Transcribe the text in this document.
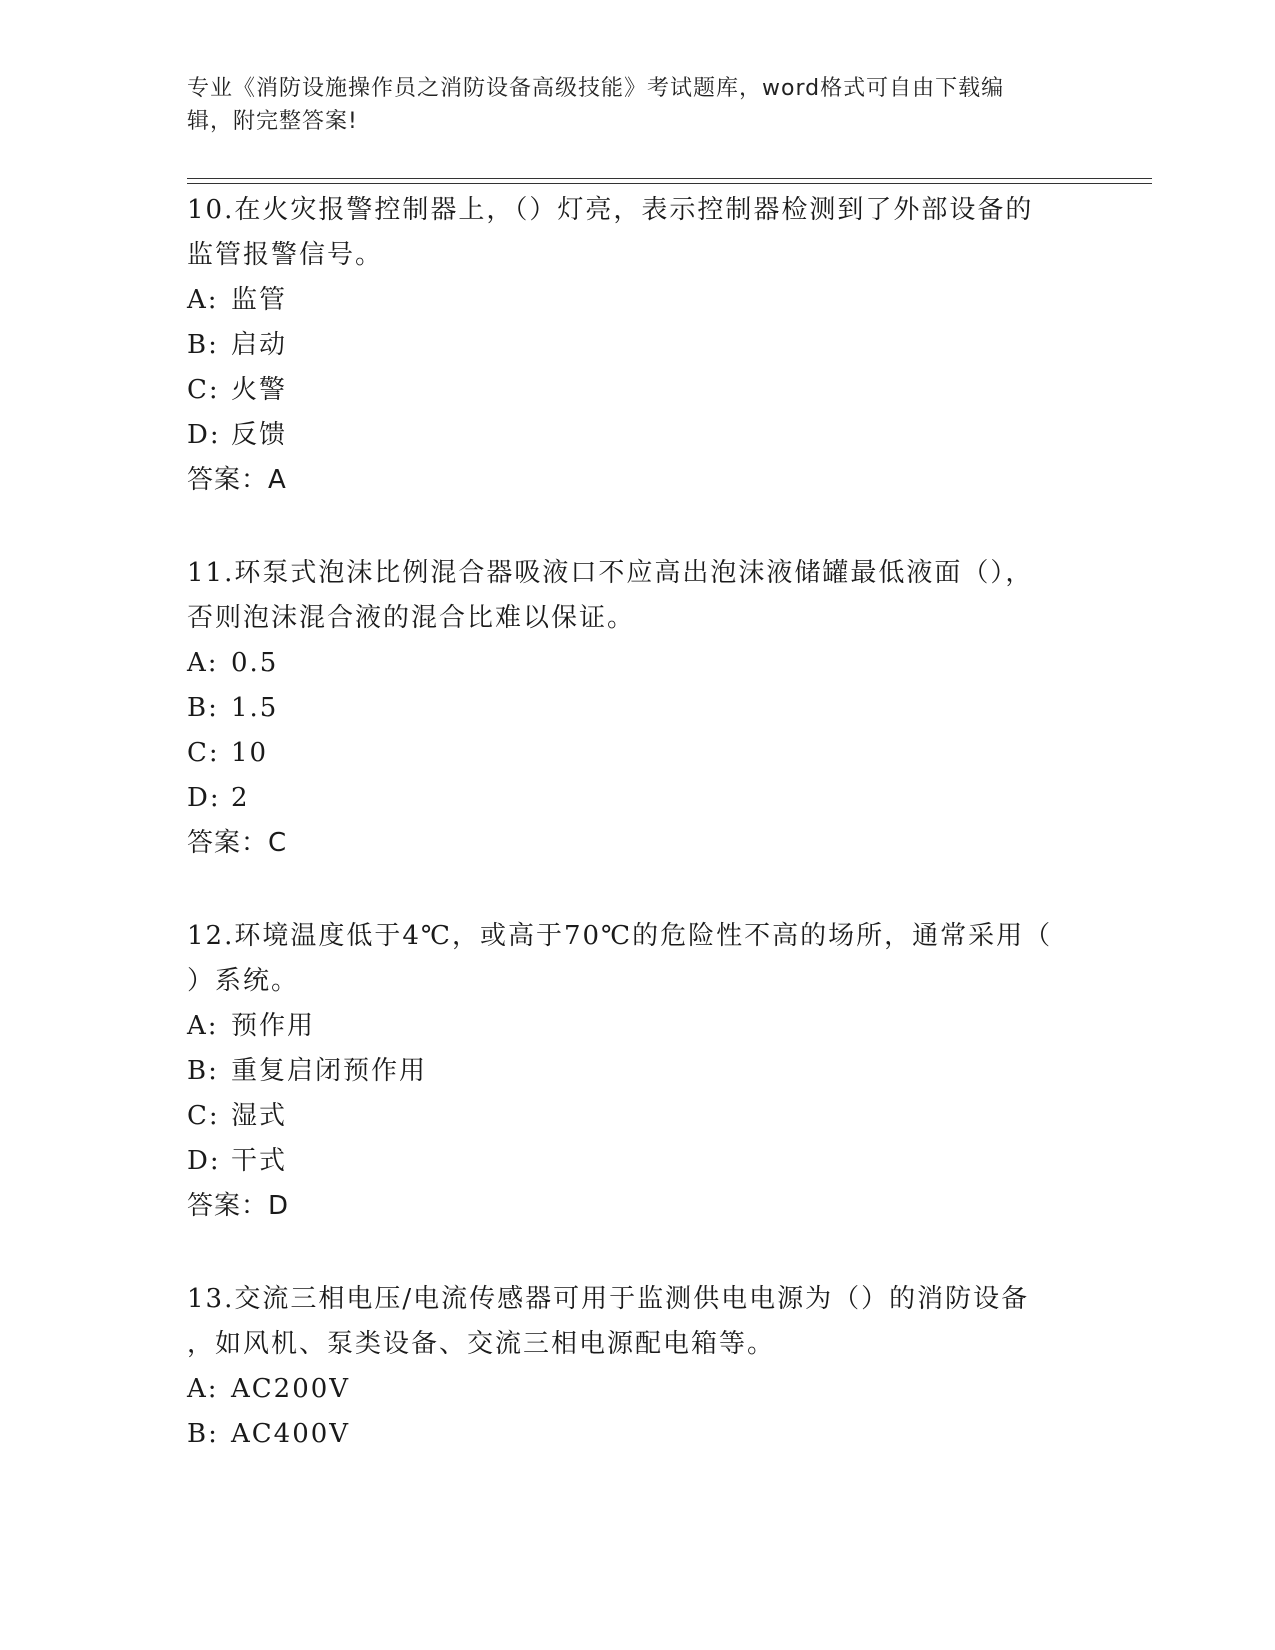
专业《消防设施操作员之消防设备高级技能》考试题库，word格式可自由下载编
辑，附完整答案!
10.在火灾报警控制器上，（）灯亮，表示控制器检测到了外部设备的
监管报警信号。
A: 监管
B: 启动
C: 火警
D: 反馈
答案：A
11.环泵式泡沫比例混合器吸液口不应高出泡沫液储罐最低液面（），
否则泡沫混合液的混合比难以保证。
A: 0.5
B: 1.5
C: 10
D: 2
答案：C
12.环境温度低于4℃，或高于70℃的危险性不高的场所，通常采用（
）系统。
A: 预作用
B: 重复启闭预作用
C: 湿式
D: 干式
答案：D
13.交流三相电压/电流传感器可用于监测供电电源为（）的消防设备
，如风机、泵类设备、交流三相电源配电箱等。
A: AC200V
B: AC400V
